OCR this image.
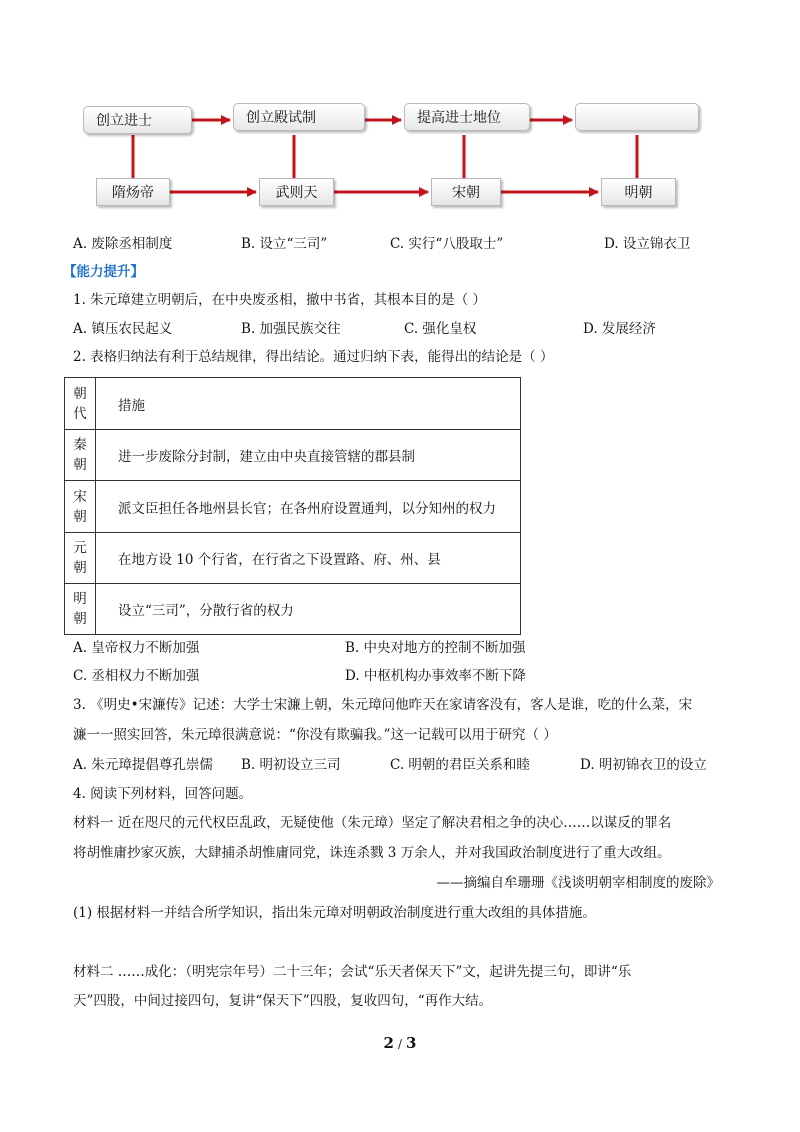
创立进士	创立殿试制	提高进士地位
隋炀帝	武则天	宋朝	明朝
A. 废除丞相制度	B. 设立“三司”	C. 实行“八股取士”	D. 设立锦衣卫
【能力提升】
1. 朱元璋建立明朝后，在中央废丞相，撤中书省，其根本目的是（ ）
A. 镇压农民起义	B. 加强民族交往	C. 强化皇权	D. 发展经济
2. 表格归纳法有利于总结规律，得出结论。通过归纳下表，能得出的结论是（ ）
朝
代	措施
秦
朝	进一步废除分封制，建立由中央直接管辖的郡县制
宋
朝	派文臣担任各地州县长官；在各州府设置通判，以分知州的权力
元
朝	在地方设 10 个行省，在行省之下设置路、府、州、县
明
朝	设立“三司”，分散行省的权力
A. 皇帝权力不断加强	B. 中央对地方的控制不断加强
C. 丞相权力不断加强	D. 中枢机构办事效率不断下降
3. 《明史•宋濂传》记述：大学士宋濂上朝，朱元璋问他昨天在家请客没有，客人是谁，吃的什么菜，宋
濂一一照实回答，朱元璋很满意说：“你没有欺骗我。”这一记载可以用于研究（ ）
A. 朱元璋提倡尊孔崇儒 B. 明初设立三司	C. 明朝的君臣关系和睦	D. 明初锦衣卫的设立
4. 阅读下列材料，回答问题。
材料一 近在咫尺的元代权臣乱政，无疑使他（朱元璋）坚定了解决君相之争的决心……以谋反的罪名
将胡惟庸抄家灭族，大肆捕杀胡惟庸同党，诛连杀戮 3 万余人，并对我国政治制度进行了重大改组。
——摘编自牟珊珊《浅谈明朝宰相制度的废除》
(1) 根据材料一并结合所学知识，指出朱元璋对明朝政治制度进行重大改组的具体措施。
材料二 ……成化：（明宪宗年号）二十三年；会试“乐天者保天下”文，起讲先提三句，即讲“乐
天”四股，中间过接四句，复讲“保天下”四股，复收四句，“再作大结。
2 / 3
